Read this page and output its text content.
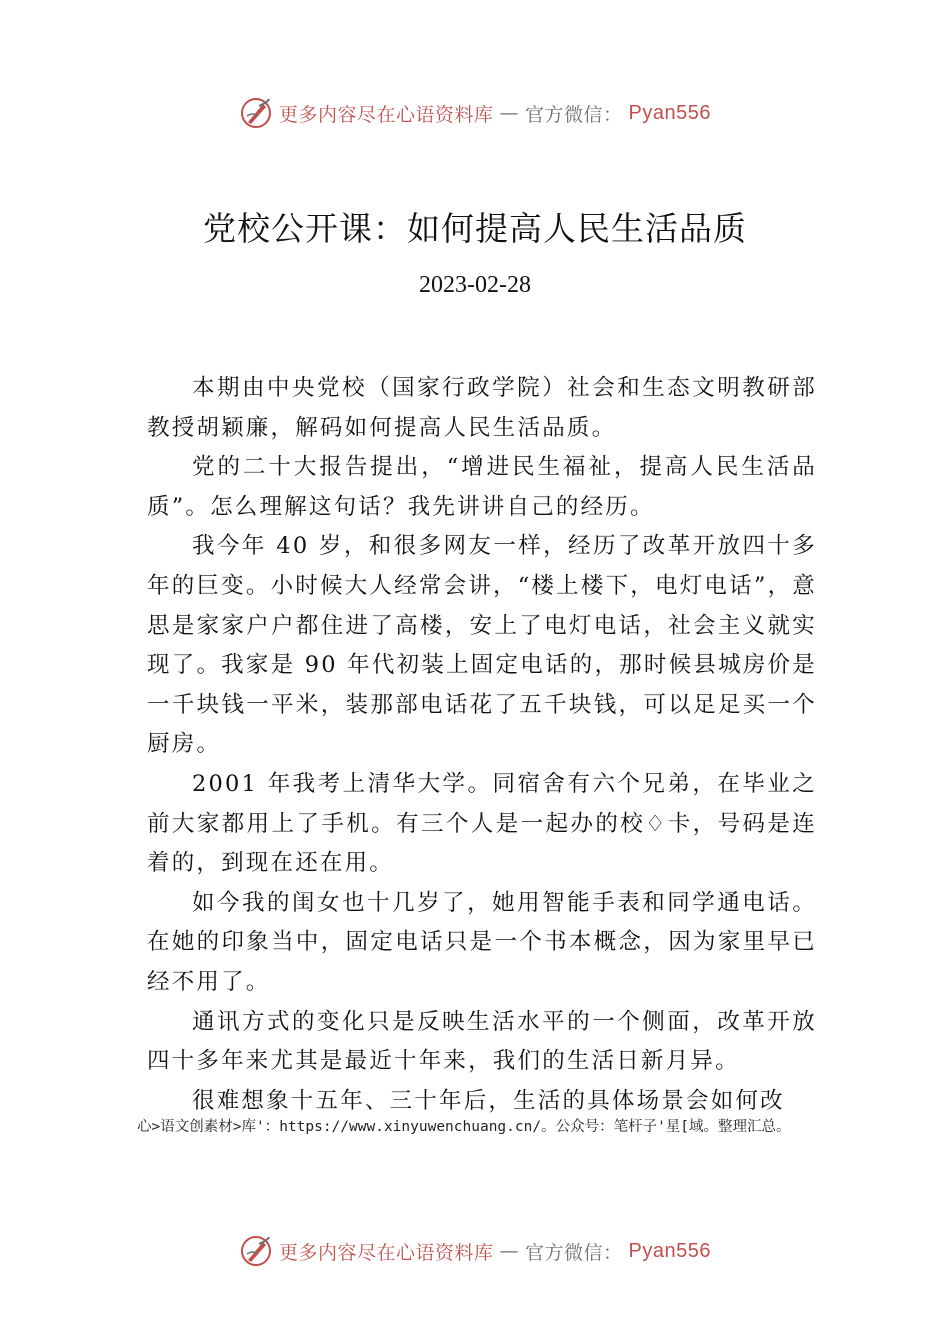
更多内容尽在心语资料库 — 官方微信： Pyan556
党校公开课：如何提高人民生活品质
2023-02-28

本期由中央党校（国家行政学院）社会和生态文明教研部教授胡颖廉，解码如何提高人民生活品质。

党的二十大报告提出，“增进民生福祉，提高人民生活品质”。怎么理解这句话？我先讲讲自己的经历。

我今年 40 岁，和很多网友一样，经历了改革开放四十多年的巨变。小时候大人经常会讲，“楼上楼下，电灯电话”，意思是家家户户都住进了高楼，安上了电灯电话，社会主义就实现了。我家是 90 年代初装上固定电话的，那时候县城房价是一千块钱一平米，装那部电话花了五千块钱，可以足足买一个厨房。

2001 年我考上清华大学。同宿舍有六个兄弟，在毕业之前大家都用上了手机。有三个人是一起办的校♢卡，号码是连着的，到现在还在用。

如今我的闺女也十几岁了，她用智能手表和同学通电话。在她的印象当中，固定电话只是一个书本概念，因为家里早已经不用了。

通讯方式的变化只是反映生活水平的一个侧面，改革开放四十多年来尤其是最近十年来，我们的生活日新月异。

很难想象十五年、三十年后，生活的具体场景会如何改

心>语文创素材>库'：https://www.xinyuwenchuang.cn/。公众号：笔杆子'星[域。整理汇总。
更多内容尽在心语资料库 — 官方微信： Pyan556
